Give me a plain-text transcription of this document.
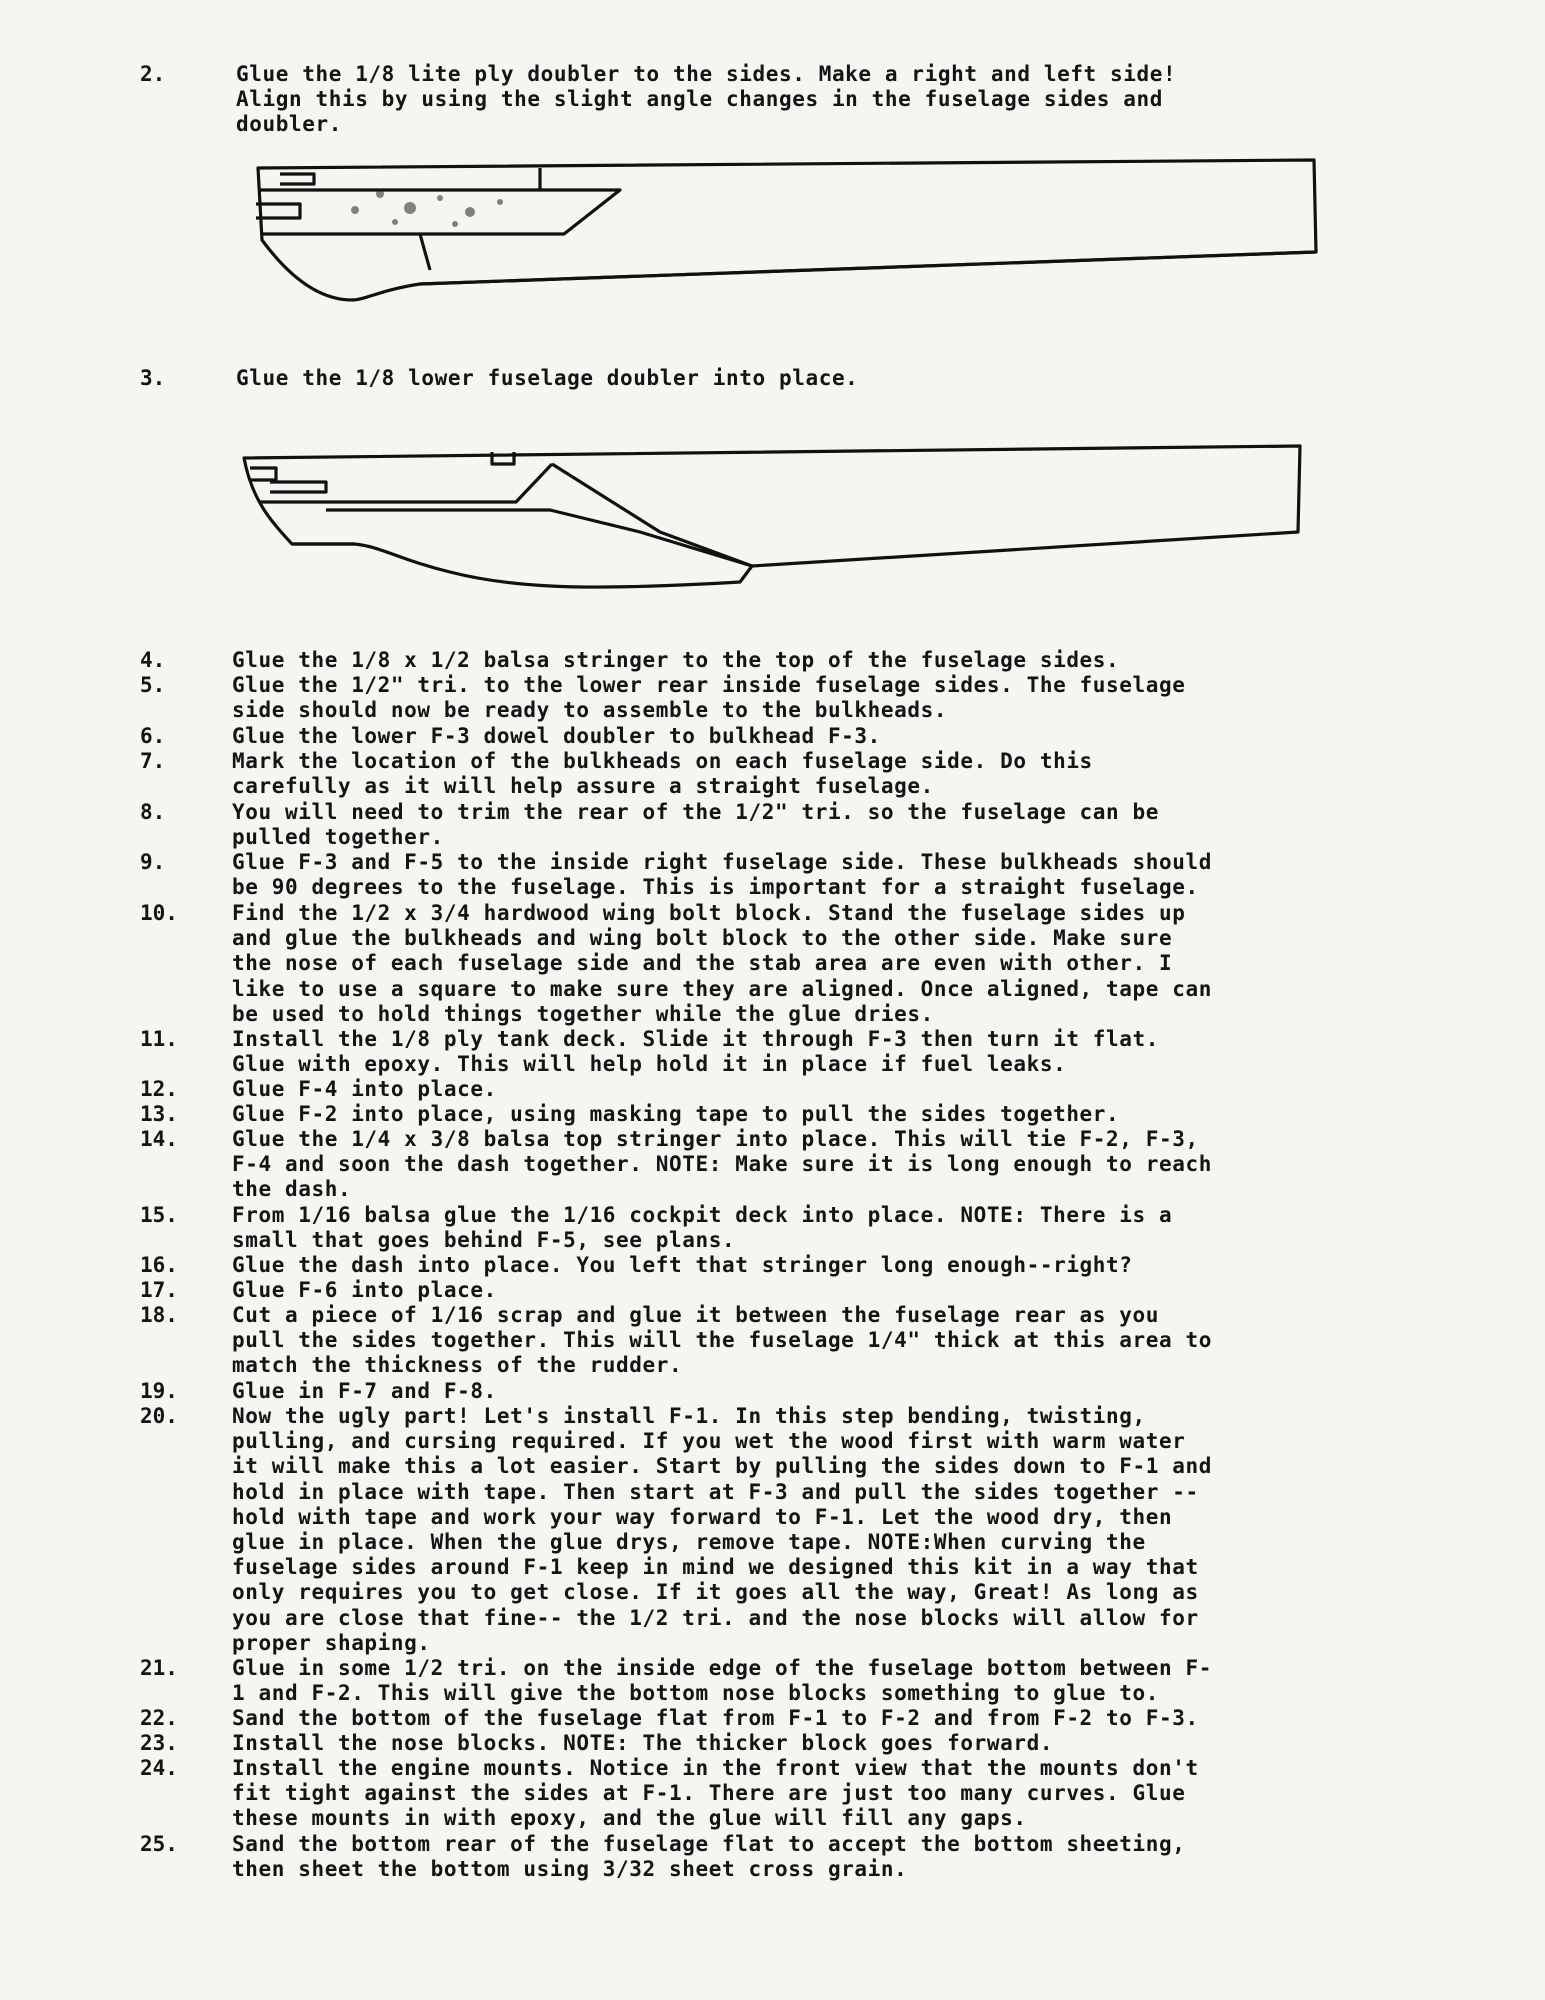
2.	Glue the 1/8 lite ply doubler to the sides. Make a right and left side!
Align this by using the slight angle changes in the fuselage sides and
doubler.
3.	Glue the 1/8 lower fuselage doubler into place.
4.	Glue the 1/8 x 1/2 balsa stringer to the top of the fuselage sides.
5.	Glue the 1/2" tri. to the lower rear inside fuselage sides. The fuselage
side should now be ready to assemble to the bulkheads.
6.	Glue the lower F-3 dowel doubler to bulkhead F-3.
7.	Mark the location of the bulkheads on each fuselage side. Do this
carefully as it will help assure a straight fuselage.
8.	You will need to trim the rear of the 1/2" tri. so the fuselage can be
pulled together.
9.	Glue F-3 and F-5 to the inside right fuselage side. These bulkheads should
be 90 degrees to the fuselage. This is important for a straight fuselage.
10.	Find the 1/2 x 3/4 hardwood wing bolt block. Stand the fuselage sides up
and glue the bulkheads and wing bolt block to the other side. Make sure
the nose of each fuselage side and the stab area are even with other. I
like to use a square to make sure they are aligned. Once aligned, tape can
be used to hold things together while the glue dries.
11.	Install the 1/8 ply tank deck. Slide it through F-3 then turn it flat.
Glue with epoxy. This will help hold it in place if fuel leaks.
12.	Glue F-4 into place.
13.	Glue F-2 into place, using masking tape to pull the sides together.
14.	Glue the 1/4 x 3/8 balsa top stringer into place. This will tie F-2, F-3,
F-4 and soon the dash together. NOTE: Make sure it is long enough to reach
the dash.
15.	From 1/16 balsa glue the 1/16 cockpit deck into place. NOTE: There is a
small that goes behind F-5, see plans.
16.	Glue the dash into place. You left that stringer long enough--right?
17.	Glue F-6 into place.
18.	Cut a piece of 1/16 scrap and glue it between the fuselage rear as you
pull the sides together. This will the fuselage 1/4" thick at this area to
match the thickness of the rudder.
19.	Glue in F-7 and F-8.
20.	Now the ugly part! Let's install F-1. In this step bending, twisting,
pulling, and cursing required. If you wet the wood first with warm water
it will make this a lot easier. Start by pulling the sides down to F-1 and
hold in place with tape. Then start at F-3 and pull the sides together --
hold with tape and work your way forward to F-1. Let the wood dry, then
glue in place. When the glue drys, remove tape. NOTE:When curving the
fuselage sides around F-1 keep in mind we designed this kit in a way that
only requires you to get close. If it goes all the way, Great! As long as
you are close that fine-- the 1/2 tri. and the nose blocks will allow for
proper shaping.
21.	Glue in some 1/2 tri. on the inside edge of the fuselage bottom between F-
1 and F-2. This will give the bottom nose blocks something to glue to.
22.	Sand the bottom of the fuselage flat from F-1 to F-2 and from F-2 to F-3.
23.	Install the nose blocks. NOTE: The thicker block goes forward.
24.	Install the engine mounts. Notice in the front view that the mounts don't
fit tight against the sides at F-1. There are just too many curves. Glue
these mounts in with epoxy, and the glue will fill any gaps.
25.	Sand the bottom rear of the fuselage flat to accept the bottom sheeting,
then sheet the bottom using 3/32 sheet cross grain.
